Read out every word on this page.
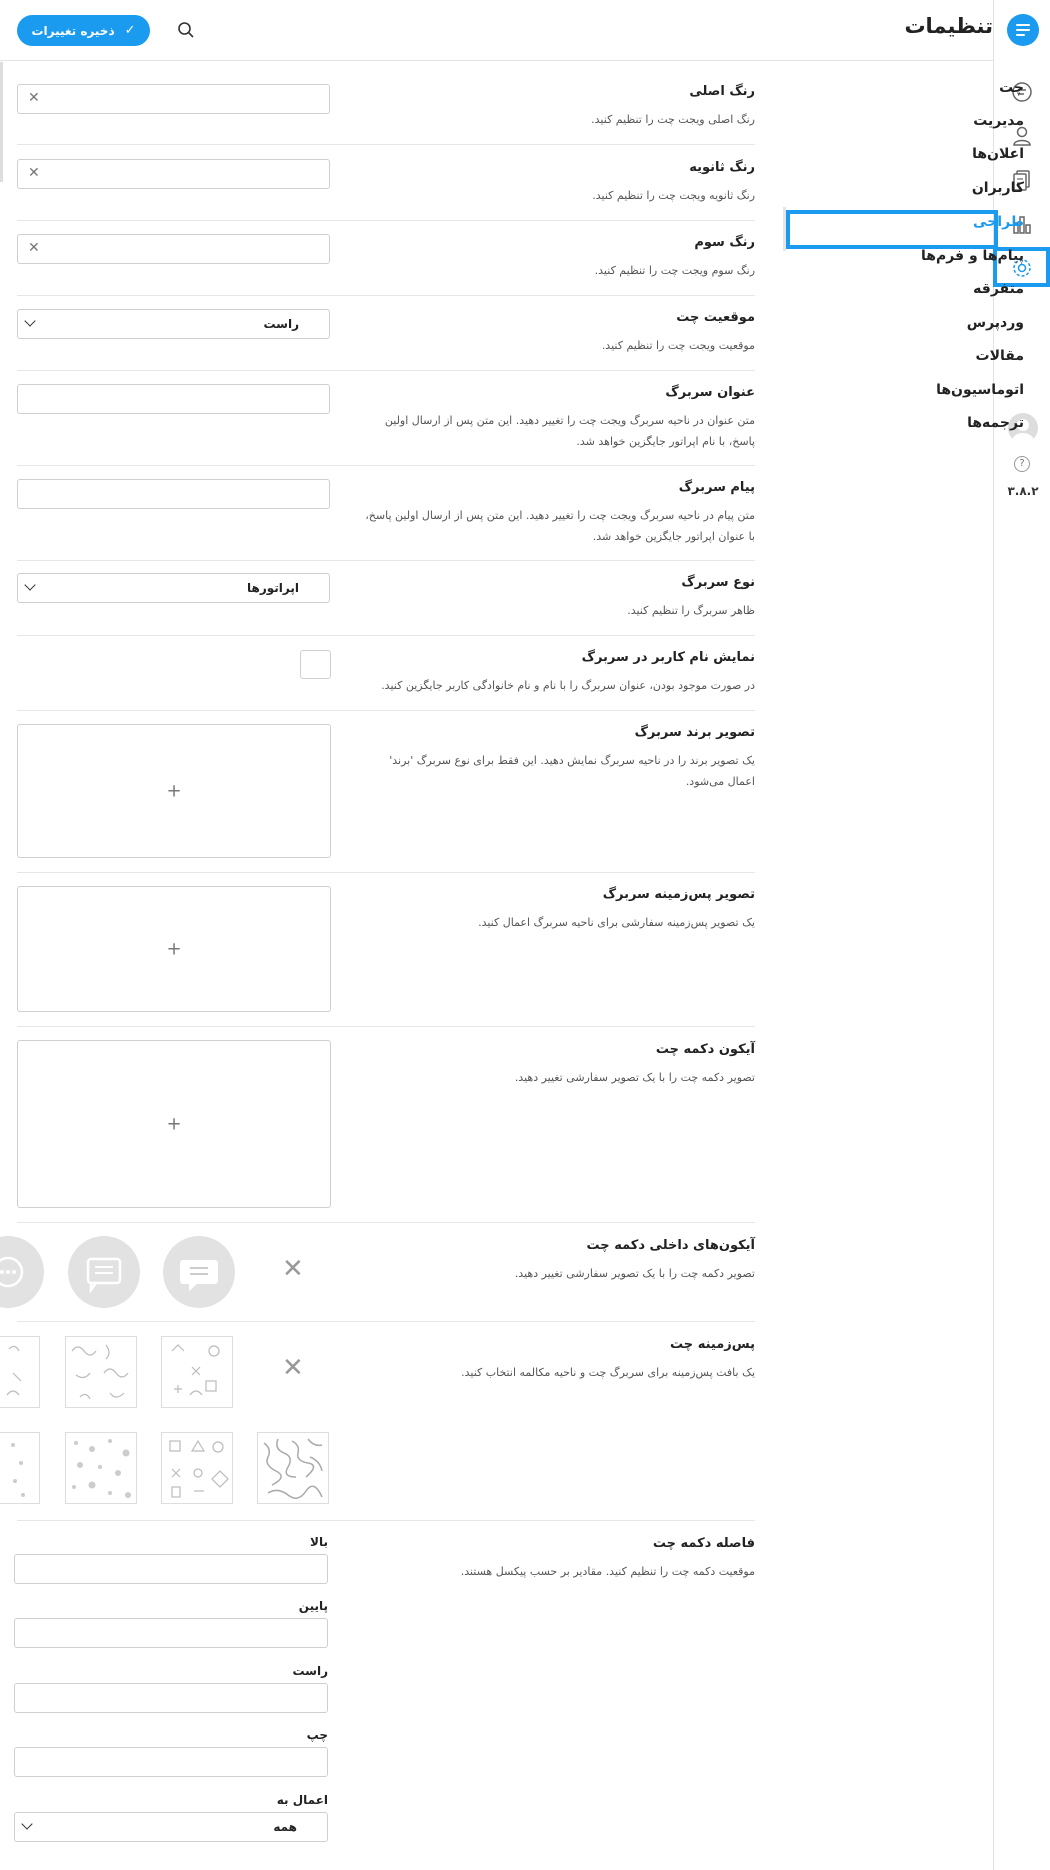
?
۳.۸.۲
تنظیمات
ذخیره تغییرات ✓
چت
مدیریت
اعلان‌ها
کاربران
طراحی
پیام‌ها و فرم‌ها
متفرقه
وردپرس
مقالات
اتوماسیون‌ها
ترجمه‌ها
رنگ اصلی
رنگ اصلی ویجت چت را تنظیم کنید.
✕
رنگ ثانویه
رنگ ثانویه ویجت چت را تنظیم کنید.
✕
رنگ سوم
رنگ سوم ویجت چت را تنظیم کنید.
✕
موقعیت چت
موقعیت ویجت چت را تنظیم کنید.
راست
عنوان سربرگ
متن عنوان در ناحیه سربرگ ویجت چت را تغییر دهید. این متن پس از ارسال اولین پاسخ، با نام اپراتور جایگزین خواهد شد.
پیام سربرگ
متن پیام در ناحیه سربرگ ویجت چت را تغییر دهید. این متن پس از ارسال اولین پاسخ، با عنوان اپراتور جایگزین خواهد شد.
نوع سربرگ
ظاهر سربرگ را تنظیم کنید.
اپراتورها
نمایش نام کاربر در سربرگ
در صورت موجود بودن، عنوان سربرگ را با نام و نام خانوادگی کاربر جایگزین کنید.
تصویر برند سربرگ
یک تصویر برند را در ناحیه سربرگ نمایش دهید. این فقط برای نوع سربرگ 'برند' اعمال می‌شود.
+
تصویر پس‌زمینه سربرگ
یک تصویر پس‌زمینه سفارشی برای ناحیه سربرگ اعمال کنید.
+
آیکون دکمه چت
تصویر دکمه چت را با یک تصویر سفارشی تغییر دهید.
+
آیکون‌های داخلی دکمه چت
تصویر دکمه چت را با یک تصویر سفارشی تغییر دهید.
✕
پس‌زمینه چت
یک بافت پس‌زمینه برای سربرگ چت و ناحیه مکالمه انتخاب کنید.
✕
فاصله دکمه چت
موقعیت دکمه چت را تنظیم کنید. مقادیر بر حسب پیکسل هستند.
بالا
پایین
راست
چپ
اعمال به
همه
